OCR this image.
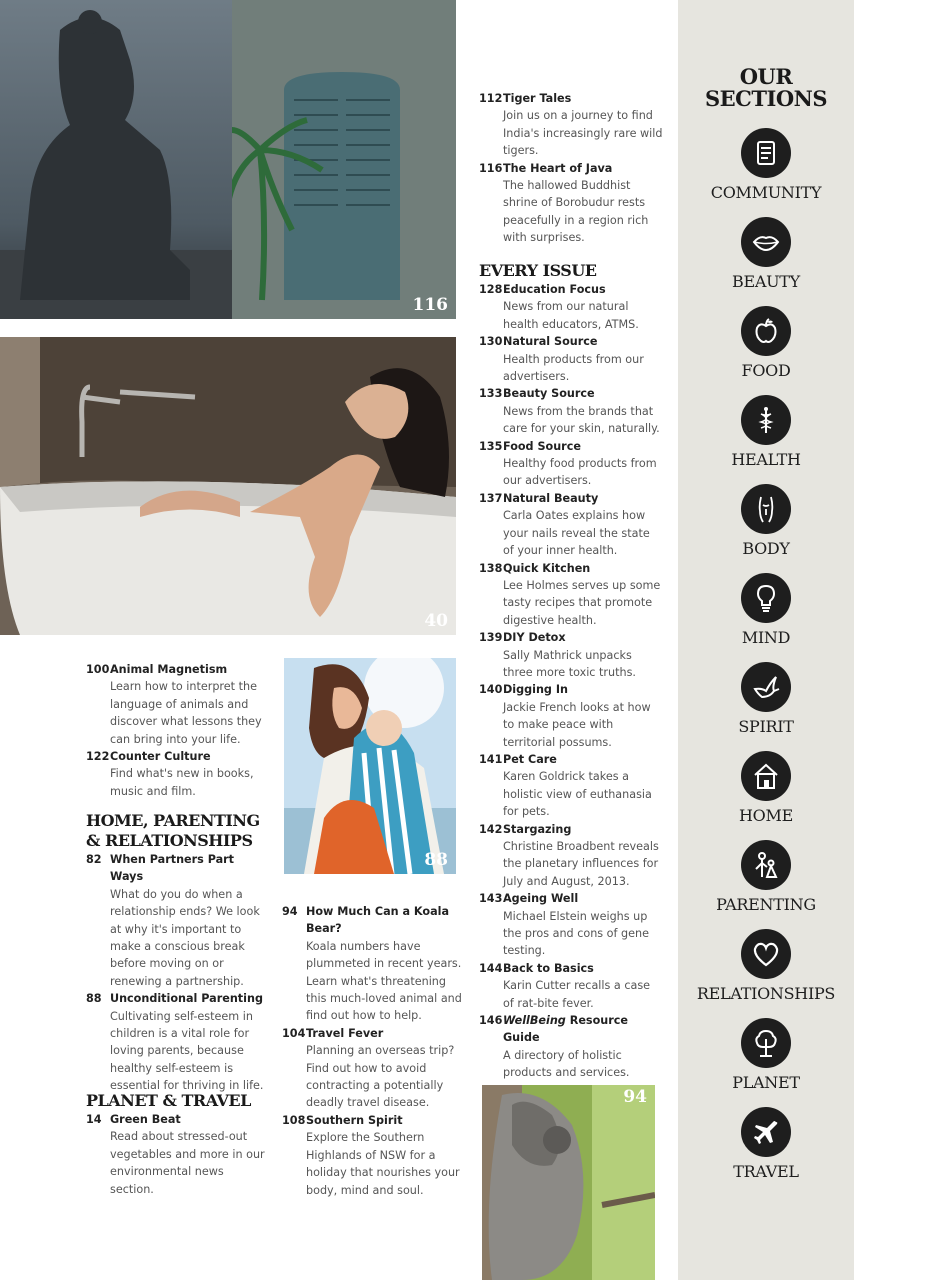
116
40
88
94
100 Animal Magnetism
Learn how to interpret the language of animals and discover what lessons they can bring into your life.
122 Counter Culture
Find what's new in books, music and film.
HOME, PARENTING
& RELATIONSHIPS
82 When Partners Part Ways
What do you do when a relationship ends? We look at why it's important to make a conscious break before moving on or renewing a partnership.
88 Unconditional Parenting
Cultivating self-esteem in children is a vital role for loving parents, because healthy self-esteem is essential for thriving in life.
PLANET & TRAVEL
14 Green Beat
Read about stressed-out vegetables and more in our environmental news section.
94 How Much Can a Koala Bear?
Koala numbers have plummeted in recent years. Learn what's threatening this much-loved animal and find out how to help.
104 Travel Fever
Planning an overseas trip? Find out how to avoid contracting a potentially deadly travel disease.
108 Southern Spirit
Explore the Southern Highlands of NSW for a holiday that nourishes your body, mind and soul.
112 Tiger Tales
Join us on a journey to find India's increasingly rare wild tigers.
116 The Heart of Java
The hallowed Buddhist shrine of Borobudur rests peacefully in a region rich with surprises.
EVERY ISSUE
128 Education Focus
News from our natural health educators, ATMS.
130 Natural Source
Health products from our advertisers.
133 Beauty Source
News from the brands that care for your skin, naturally.
135 Food Source
Healthy food products from our advertisers.
137 Natural Beauty
Carla Oates explains how your nails reveal the state of your inner health.
138 Quick Kitchen
Lee Holmes serves up some tasty recipes that promote digestive health.
139 DIY Detox
Sally Mathrick unpacks three more toxic truths.
140 Digging In
Jackie French looks at how to make peace with territorial possums.
141 Pet Care
Karen Goldrick takes a holistic view of euthanasia for pets.
142 Stargazing
Christine Broadbent reveals the planetary influences for July and August, 2013.
143 Ageing Well
Michael Elstein weighs up the pros and cons of gene testing.
144 Back to Basics
Karin Cutter recalls a case of rat-bite fever.
146 WellBeing Resource Guide
A directory of holistic products and services.
OUR
SECTIONS
COMMUNITY
BEAUTY
FOOD
HEALTH
BODY
MIND
SPIRIT
HOME
PARENTING
RELATIONSHIPS
PLANET
TRAVEL
